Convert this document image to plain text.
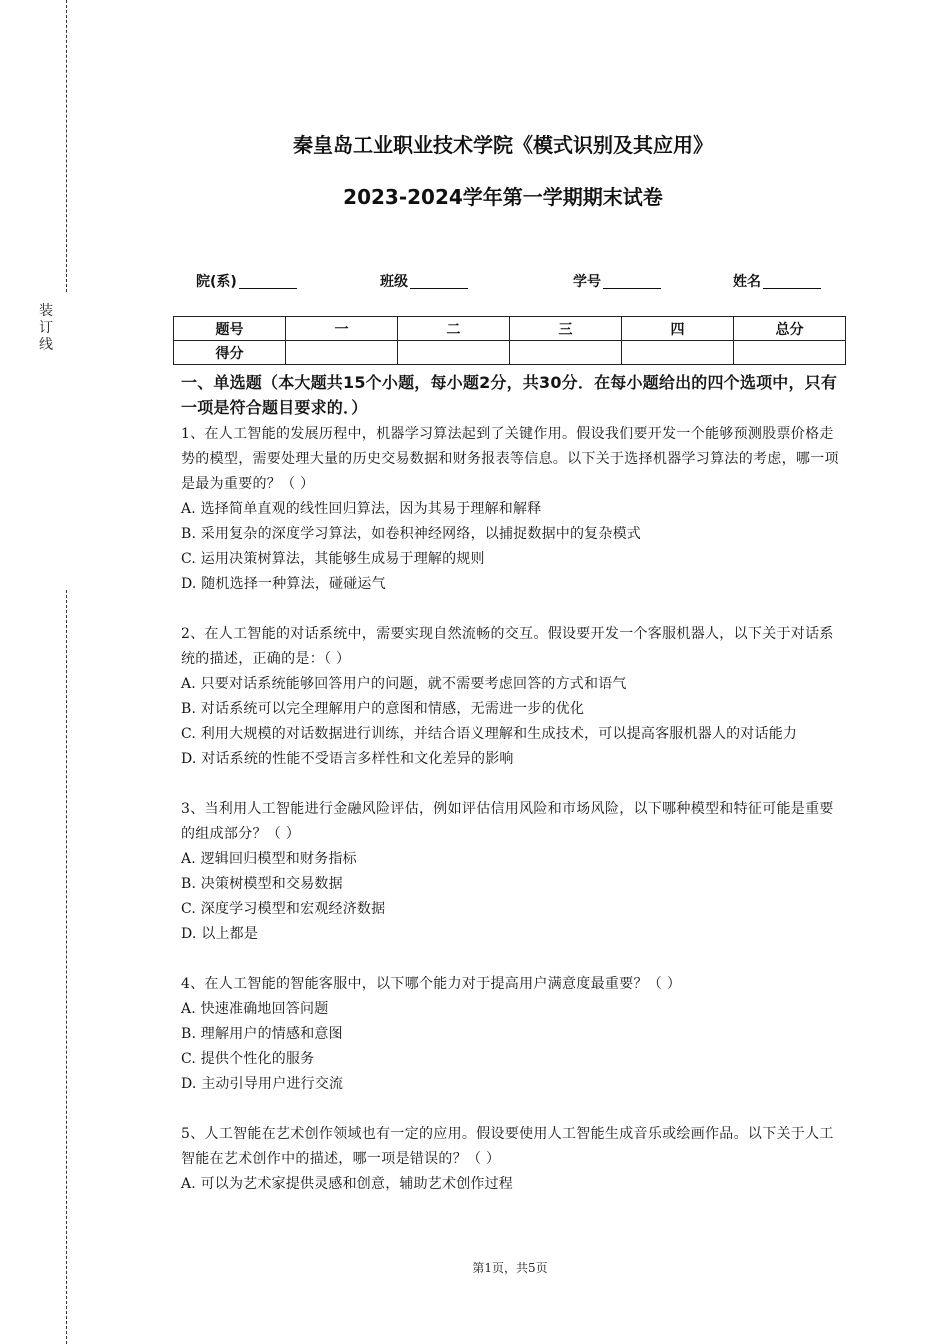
装
订
线
秦皇岛工业职业技术学院《模式识别及其应用》
2023-2024学年第一学期期末试卷
院(系)	班级	学号	姓名
题号	一	二	三	四	总分
得分					

一、单选题（本大题共15个小题，每小题2分，共30分．在每小题给出的四个选项中，只有一项是符合题目要求的．）

1、在人工智能的发展历程中，机器学习算法起到了关键作用。假设我们要开发一个能够预测股票价格走势的模型，需要处理大量的历史交易数据和财务报表等信息。以下关于选择机器学习算法的考虑，哪一项是最为重要的？（ ）

A. 选择简单直观的线性回归算法，因为其易于理解和解释

B. 采用复杂的深度学习算法，如卷积神经网络，以捕捉数据中的复杂模式

C. 运用决策树算法，其能够生成易于理解的规则

D. 随机选择一种算法，碰碰运气

2、在人工智能的对话系统中，需要实现自然流畅的交互。假设要开发一个客服机器人，以下关于对话系统的描述，正确的是：（ ）

A. 只要对话系统能够回答用户的问题，就不需要考虑回答的方式和语气

B. 对话系统可以完全理解用户的意图和情感，无需进一步的优化

C. 利用大规模的对话数据进行训练，并结合语义理解和生成技术，可以提高客服机器人的对话能力

D. 对话系统的性能不受语言多样性和文化差异的影响

3、当利用人工智能进行金融风险评估，例如评估信用风险和市场风险，以下哪种模型和特征可能是重要的组成部分？（ ）

A. 逻辑回归模型和财务指标

B. 决策树模型和交易数据

C. 深度学习模型和宏观经济数据

D. 以上都是

4、在人工智能的智能客服中，以下哪个能力对于提高用户满意度最重要？（ ）

A. 快速准确地回答问题

B. 理解用户的情感和意图

C. 提供个性化的服务

D. 主动引导用户进行交流

5、人工智能在艺术创作领域也有一定的应用。假设要使用人工智能生成音乐或绘画作品。以下关于人工智能在艺术创作中的描述，哪一项是错误的？（ ）

A. 可以为艺术家提供灵感和创意，辅助艺术创作过程

第1页，共5页
